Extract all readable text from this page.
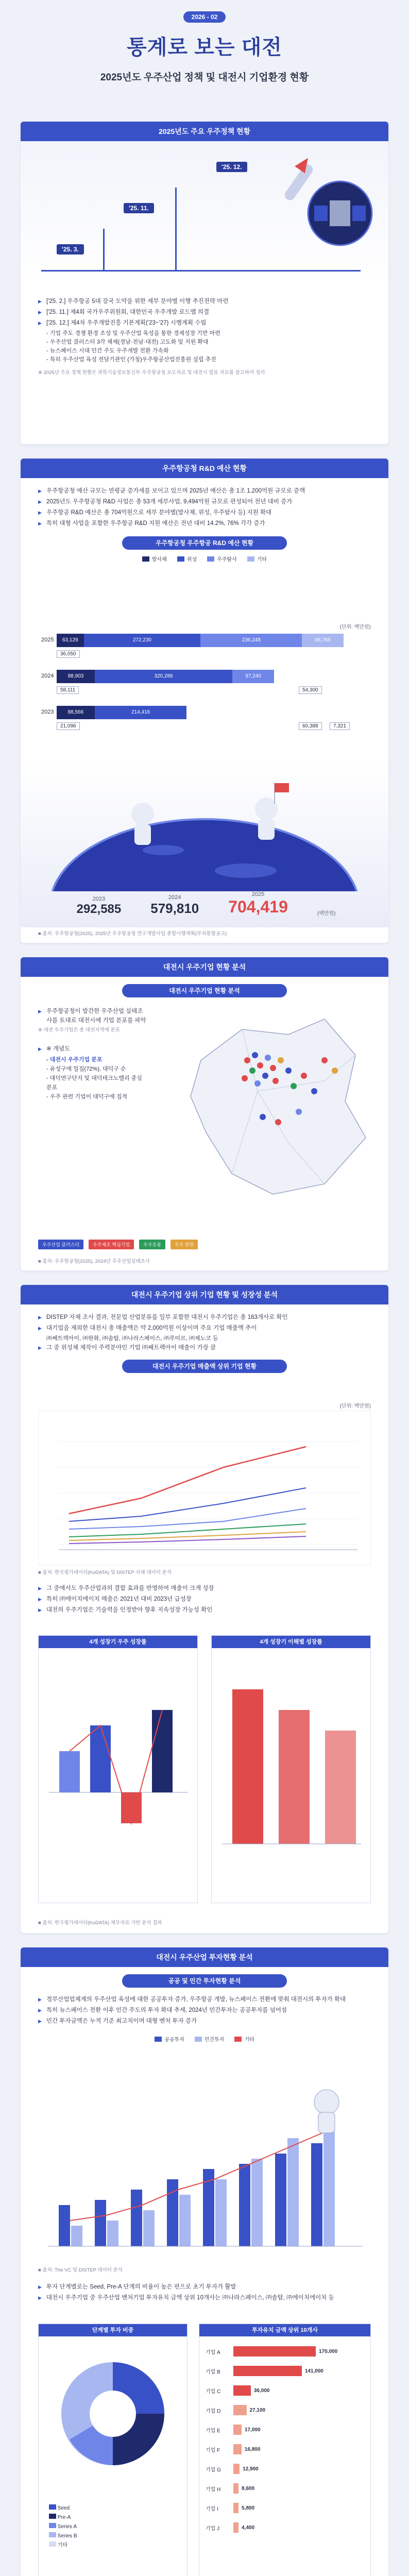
2026 - 02
통계로 보는 대전
2025년도 우주산업 정책 및 대전시 기업환경 현황
2025년도 주요 우주정책 현황
'25. 12.
'25. 11.
'25. 3.
▶ ['25. 2.] 우주항공 5대 강국 도약을 위한 세부 분야별 이행 추진전략 마련
▶ ['25. 11.] 제4회 국가우주위원회, 대한민국 우주개발 로드맵 의결
▶ ['25. 12.] 제4차 우주개발진흥 기본계획('23~'27) 시행계획 수립
- 기업 주도 경쟁 환경 조성 및 우주산업 육성을 통한 경제성장 기반 마련
- 우주산업 클러스터 3각 체제(경남·전남·대전) 고도화 및 지원 확대
- 뉴스페이스 시대 민간 주도 우주개발 전환 가속화
- 특히 우주산업 육성 전담기관인 (가칭)우주항공산업진흥원 설립 추진
※ 2025년 주요 정책 현황은 과학기술정보통신부·우주항공청 보도자료 및 대전시 발표 자료를 참고하여 정리
우주항공청 R&D 예산 현황
▶ 우주항공청 예산 규모는 연평균 증가세를 보이고 있으며 2025년 예산은 총 1조 1,200억원 규모로 증액
▶ 2025년도 우주항공청 R&D 사업은 총 53개 세부사업, 9,494억원 규모로 편성되어 전년 대비 증가
▶ 우주항공 R&D 예산은 총 704억원으로 세부 분야별(발사체, 위성, 우주탐사 등) 지원 확대
▶ 특히 대형 사업을 포함한 우주항공 R&D 지원 예산은 전년 대비 14.2%, 76% 각각 증가
우주항공청 우주항공 R&D 예산 현황
발사체	위성	우주탐사	기타
(단위: 백만원)
2025	63,129	272,230	236,248	96,765
36,050
2024	88,903	320,286	97,240
58,111	54,300
2023	88,566	214,416
21,096	60,388	7,321
2023
292,585
2024
579,810
2025
704,419	(백만원)
■ 출처: 우주항공청(2025), 2025년 우주항공청 연구개발사업 종합시행계획(부처통합공고)
대전시 우주기업 현황 분석
대전시 우주기업 현황 분석
▶ 우주항공청이 발간한 우주산업 실태조사를 토대로 대전시에 기업 분포를 파악
※ 대전 우주기업은 총 대전지역에 분포
▶ ※ 개념도
- 대전시 우주기업 분포
- 유성구에 밀집(72%), 대덕구 순
- 대덕연구단지 및 대덕테크노밸리 중심 분포
- 우주 관련 기업이 대덕구에 집적
우주산업 클러스터	우주제조 핵심기업	우주응용	우주 관련
■ 출처: 우주항공청(2025), 2024년 우주산업실태조사
대전시 우주기업 상위 기업 현황 및 성장성 분석
▶ DISTEP 자체 조사 결과, 전문업 산업분류를 일부 포함한 대전시 우주기업은 총 163개사로 확인
▶ 대기업을 제외한 대전시 총 매출액은 약 2,000억원 이상이며 주요 기업 매출액 추이
㈜쎄트렉아이, ㈜한화, ㈜솔탑, ㈜나라스페이스, ㈜루미르, ㈜제노코 등
▶ 그 중 위성체 제작이 주력분야인 기업 ㈜쎄트렉아이 매출이 가장 큼
대전시 우주기업 매출액 상위 기업 현황
(단위: 백만원)
■ 출처: 한국평가데이터(KoDATA) 및 DISTEP 자체 데이터 분석
▶ 그 중에서도 우주산업과의 결합 효과를 반영하여 매출이 크게 성장
▶ 특히 ㈜에이치에이치 매출은 2021년 대비 2023년 급성장
▶ 대전의 우주기업은 기술력을 인정받아 향후 지속성장 가능성 확인
4개 성장기 우주 성장률	4개 성장기 이해별 성장률
■ 출처: 한국평가데이터(KoDATA) 재무자료 기반 분석 결과
대전시 우주산업 투자현황 분석
공공 및 민간 투자현황 분석
▶ 정부산업업체계의 우주산업 육성에 대한 공공투자 증가, 우주항공 개발, 뉴스페이스 전환에 맞춰 대전시의 투자가 확대
▶ 특히 뉴스페이스 전환 이후 민간 주도의 투자 확대 추세, 2024년 민간투자는 공공투자를 넘어섬
▶ 민간 투자금액은 누적 기준 최고치이며 대형 벤처 투자 증가
공공투자	민간투자	기타
■ 출처: The VC 및 DISTEP 데이터 분석
▶ 투자 단계별로는 Seed, Pre-A 단계의 비율이 높은 편으로 초기 투자가 활발
▶ 대전시 우주기업 중 우주산업 벤처기업 투자유치 금액 상위 10개사는 ㈜나라스페이스, ㈜솔탑, ㈜에이치에이치 등
단계별 투자 비중
Seed
Pre-A
Series A
Series B
기타
투자유치 금액 상위 10개사
기업 A	170,000
기업 B	141,000
기업 C	36,000
기업 D	27,100
기업 E	17,000
기업 F	16,800
기업 G	12,900
기업 H	8,600
기업 I	5,800
기업 J	4,400
